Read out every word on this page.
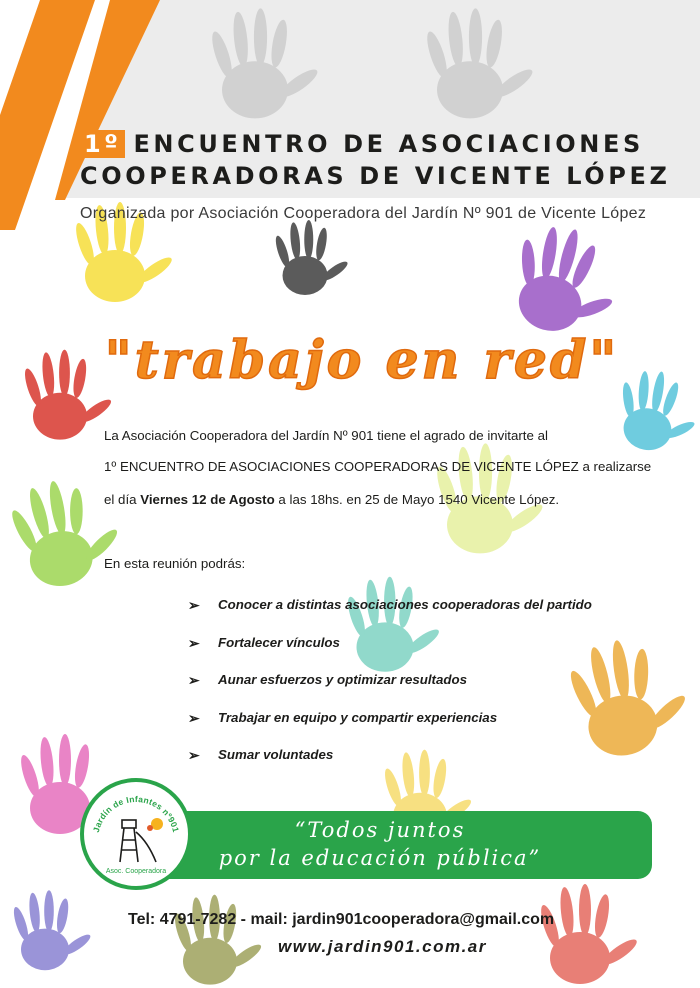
1º ENCUENTRO DE ASOCIACIONES
COOPERADORAS DE VICENTE LÓPEZ
Organizada por Asociación Cooperadora del Jardín Nº 901 de Vicente López
"trabajo en red"
La Asociación Cooperadora del Jardín Nº 901 tiene el agrado de invitarte al
1º ENCUENTRO DE ASOCIACIONES COOPERADORAS DE VICENTE LÓPEZ a realizarse
el día Viernes 12 de Agosto a las 18hs. en 25 de Mayo 1540 Vicente López.
En esta reunión podrás:
➢	Conocer a distintas asociaciones cooperadoras del partido
➢	Fortalecer vínculos
➢	Aunar esfuerzos y optimizar resultados
➢	Trabajar en equipo y compartir experiencias
➢	Sumar voluntades
“Todos juntos
por la educación pública”
Jardín de Infantes nº901
Asoc. Cooperadora
Tel: 4791-7282 - mail: jardin901cooperadora@gmail.com
www.jardin901.com.ar
